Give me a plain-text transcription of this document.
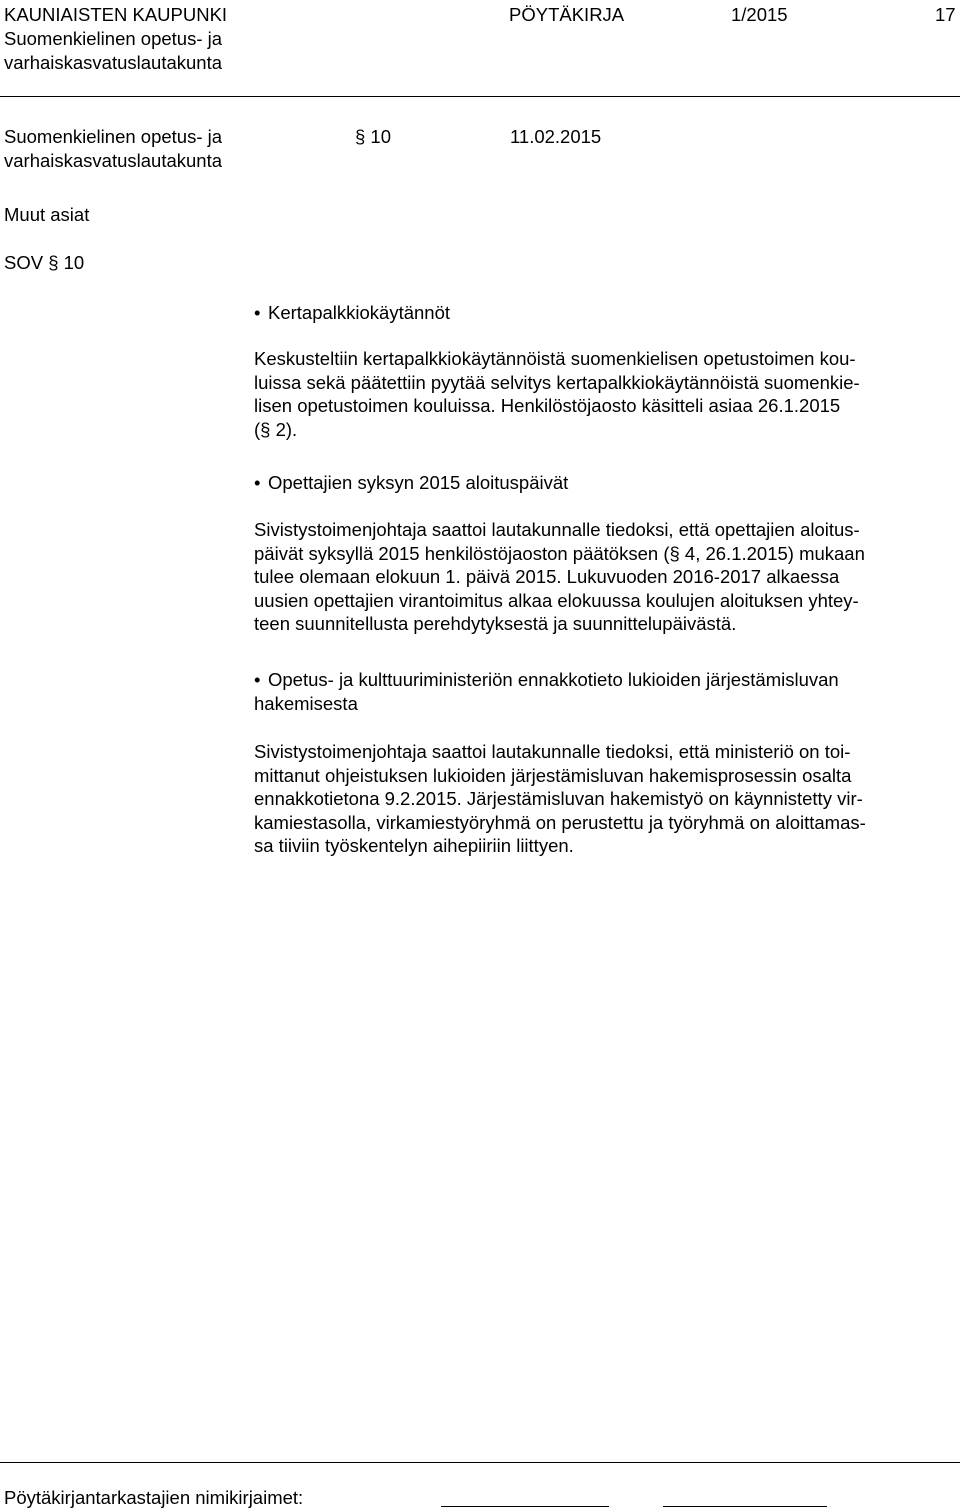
KAUNIAISTEN KAUPUNKI
Suomenkielinen opetus- ja
varhaiskasvatuslautakunta
PÖYTÄKIRJA	1/2015	17
Suomenkielinen opetus- ja
varhaiskasvatuslautakunta
§ 10	11.02.2015
Muut asiat
SOV § 10
• Kertapalkkiokäytännöt

Keskusteltiin kertapalkkiokäytännöistä suomenkielisen opetustoimen kou-

luissa sekä päätettiin pyytää selvitys kertapalkkiokäytännöistä suomenkie-

lisen opetustoimen kouluissa. Henkilöstöjaosto käsitteli asiaa 26.1.2015

(§ 2).

• Opettajien syksyn 2015 aloituspäivät

Sivistystoimenjohtaja saattoi lautakunnalle tiedoksi, että opettajien aloitus-

päivät syksyllä 2015 henkilöstöjaoston päätöksen (§ 4, 26.1.2015) mukaan

tulee olemaan elokuun 1. päivä 2015. Lukuvuoden 2016-2017 alkaessa

uusien opettajien virantoimitus alkaa elokuussa koulujen aloituksen yhtey-

teen suunnitellusta perehdytyksestä ja suunnittelupäivästä.

• Opetus- ja kulttuuriministeriön ennakkotieto lukioiden järjestämisluvan
hakemisesta

Sivistystoimenjohtaja saattoi lautakunnalle tiedoksi, että ministeriö on toi-

mittanut ohjeistuksen lukioiden järjestämisluvan hakemisprosessin osalta

ennakkotietona 9.2.2015. Järjestämisluvan hakemistyö on käynnistetty vir-

kamiestasolla, virkamiestyöryhmä on perustettu ja työryhmä on aloittamas-

sa tiiviin työskentelyn aihepiiriin liittyen.

Pöytäkirjantarkastajien nimikirjaimet:
